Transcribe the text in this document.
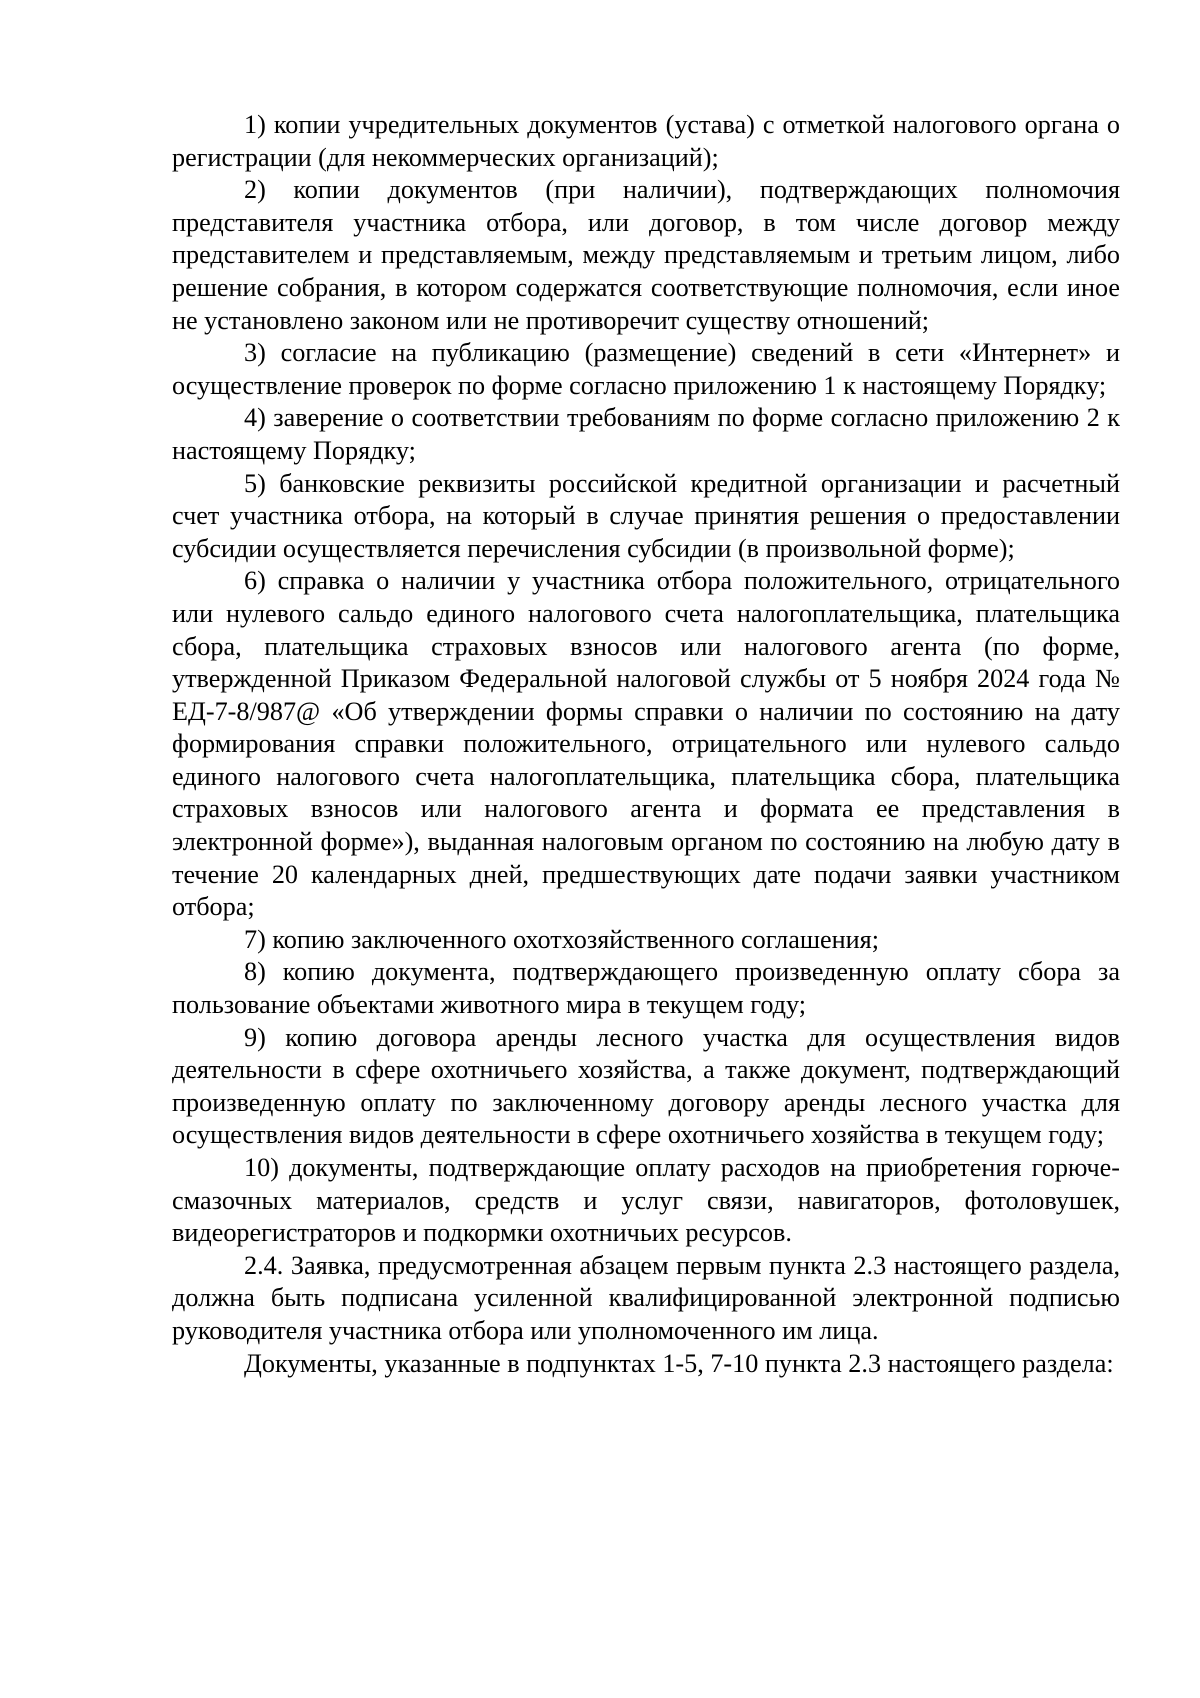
1) копии учредительных документов (устава) с отметкой налогового органа о регистрации (для некоммерческих организаций);

2) копии документов (при наличии), подтверждающих полномочия представителя участника отбора, или договор, в том числе договор между представителем и представляемым, между представляемым и третьим лицом, либо решение собрания, в котором содержатся соответствующие полномочия, если иное не установлено законом или не противоречит существу отношений;

3) согласие на публикацию (размещение) сведений в сети «Интернет» и осуществление проверок по форме согласно приложению 1 к настоящему Порядку;

4) заверение о соответствии требованиям по форме согласно приложению 2 к настоящему Порядку;

5) банковские реквизиты российской кредитной организации и расчетный счет участника отбора, на который в случае принятия решения о предоставлении субсидии осуществляется перечисления субсидии (в произвольной форме);

6) справка о наличии у участника отбора положительного, отрицательного или нулевого сальдо единого налогового счета налогоплательщика, плательщика сбора, плательщика страховых взносов или налогового агента (по форме, утвержденной Приказом Федеральной налоговой службы от 5 ноября 2024 года № ЕД-7-8/987@ «Об утверждении формы справки о наличии по состоянию на дату формирования справки положительного, отрицательного или нулевого сальдо единого налогового счета налогоплательщика, плательщика сбора, плательщика страховых взносов или налогового агента и формата ее представления в электронной форме»), выданная налоговым органом по состоянию на любую дату в течение 20 календарных дней, предшествующих дате подачи заявки участником отбора;

7) копию заключенного охотхозяйственного соглашения;

8) копию документа, подтверждающего произведенную оплату сбора за пользование объектами животного мира в текущем году;

9) копию договора аренды лесного участка для осуществления видов деятельности в сфере охотничьего хозяйства, а также документ, подтверждающий произведенную оплату по заключенному договору аренды лесного участка для осуществления видов деятельности в сфере охотничьего хозяйства в текущем году;

10) документы, подтверждающие оплату расходов на приобретения горюче-смазочных материалов, средств и услуг связи, навигаторов, фотоловушек, видеорегистраторов и подкормки охотничьих ресурсов.

2.4. Заявка, предусмотренная абзацем первым пункта 2.3 настоящего раздела, должна быть подписана усиленной квалифицированной электронной подписью руководителя участника отбора или уполномоченного им лица.

Документы, указанные в подпунктах 1-5, 7-10 пункта 2.3 настоящего раздела:
